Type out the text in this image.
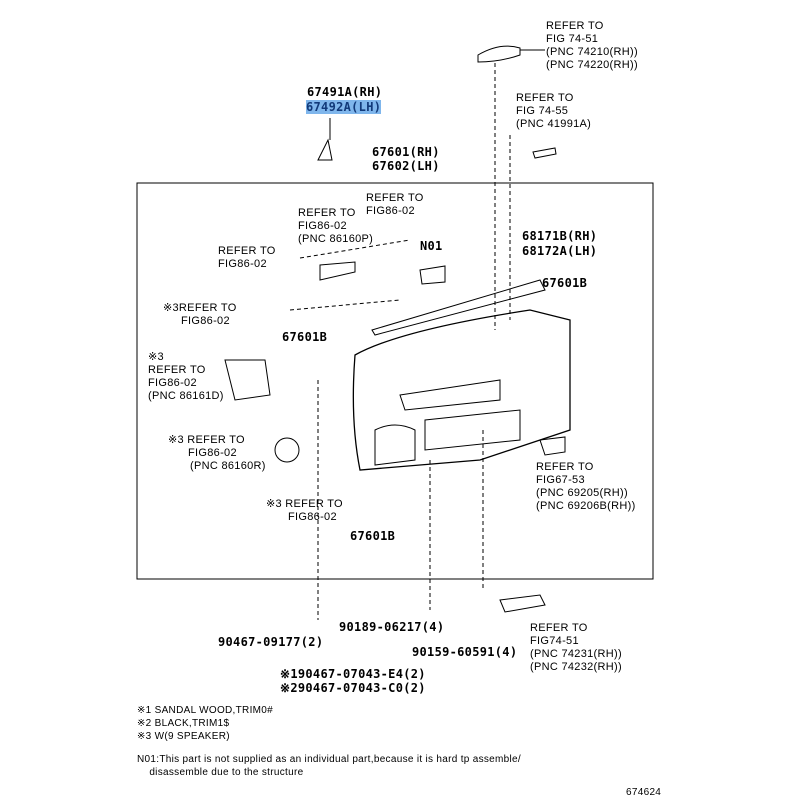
67491A(RH)
67492A(LH)
67601(RH)
67602(LH)
REFER TO
FIG 74-51
(PNC 74210(RH))
(PNC 74220(RH))
REFER TO
FIG 74-55
(PNC 41991A)
REFER TO
FIG86-02
REFER TO
FIG86-02
(PNC 86160P)
REFER TO
FIG86-02
N01
68171B(RH)
68172A(LH)
67601B
67601B
67601B
※3REFER TO
FIG86-02
※3
REFER TO
FIG86-02
(PNC 86161D)
※3 REFER TO
FIG86-02
(PNC 86160R)
※3 REFER TO
FIG86-02
REFER TO
FIG67-53
(PNC 69205(RH))
(PNC 69206B(RH))
90467-09177(2)
90189-06217(4)
90159-60591(4)
※190467-07043-E4(2)
※290467-07043-C0(2)
REFER TO
FIG74-51
(PNC 74231(RH))
(PNC 74232(RH))
※1 SANDAL WOOD,TRIM0#
※2 BLACK,TRIM1$
※3 W(9 SPEAKER)
N01:This part is not supplied as an individual part,because it is hard tp assemble/
disassemble due to the structure
674624
